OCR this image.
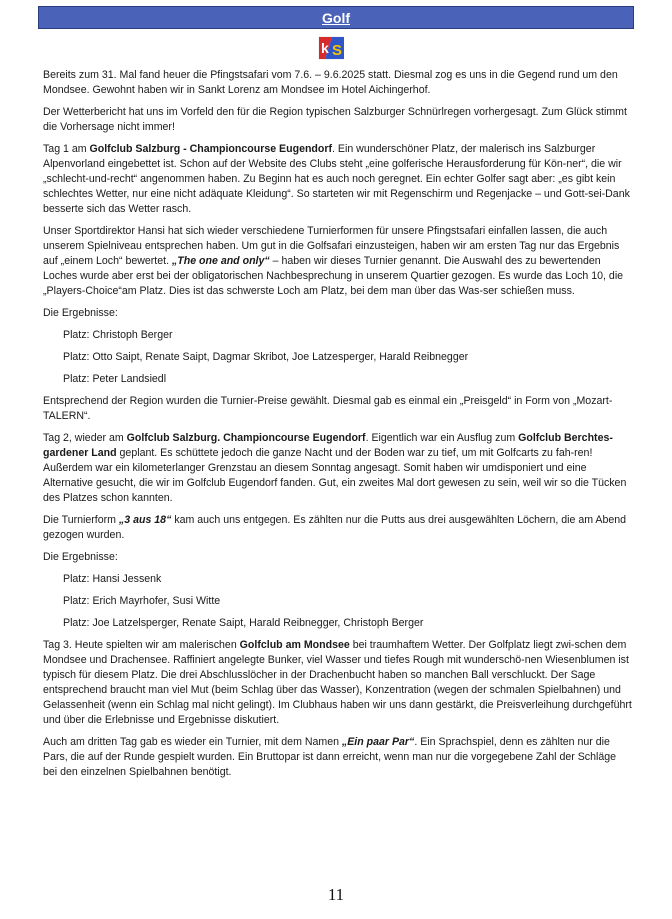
Golf
k S

Bereits zum 31. Mal fand heuer die Pfingstsafari vom 7.6. – 9.6.2025 statt. Diesmal zog es uns in die Gegend rund um den Mondsee. Gewohnt haben wir in Sankt Lorenz am Mondsee im Hotel Aichingerhof.

Der Wetterbericht hat uns im Vorfeld den für die Region typischen Salzburger Schnürlregen vorhergesagt. Zum Glück stimmt die Vorhersage nicht immer!

Tag 1 am Golfclub Salzburg - Championcourse Eugendorf. Ein wunderschöner Platz, der malerisch ins Salzburger Alpenvorland eingebettet ist. Schon auf der Website des Clubs steht „eine golferische Herausforderung für Kön-ner“, die wir „schlecht-und-recht“ angenommen haben. Zu Beginn hat es auch noch geregnet. Ein echter Golfer sagt aber: „es gibt kein schlechtes Wetter, nur eine nicht adäquate Kleidung“. So starteten wir mit Regenschirm und Regenjacke – und Gott-sei-Dank besserte sich das Wetter rasch.

Unser Sportdirektor Hansi hat sich wieder verschiedene Turnierformen für unsere Pfingstsafari einfallen lassen, die auch unserem Spielniveau entsprechen haben. Um gut in die Golfsafari einzusteigen, haben wir am ersten Tag nur das Ergebnis auf „einem Loch“ bewertet. „The one and only“ – haben wir dieses Turnier genannt. Die Auswahl des zu bewertenden Loches wurde aber erst bei der obligatorischen Nachbesprechung in unserem Quartier gezogen. Es wurde das Loch 10, die „Players-Choice“am Platz. Dies ist das schwerste Loch am Platz, bei dem man über das Was-ser schießen muss.

Die Ergebnisse:

Platz: Christoph Berger

Platz: Otto Saipt, Renate Saipt, Dagmar Skribot, Joe Latzesperger, Harald Reibnegger

Platz: Peter Landsiedl

Entsprechend der Region wurden die Turnier-Preise gewählt. Diesmal gab es einmal ein „Preisgeld“ in Form von „Mozart-TALERN“.

Tag 2, wieder am Golfclub Salzburg. Championcourse Eugendorf. Eigentlich war ein Ausflug zum Golfclub Berchtes-gardener Land geplant. Es schüttete jedoch die ganze Nacht und der Boden war zu tief, um mit Golfcarts zu fah-ren! Außerdem war ein kilometerlanger Grenzstau an diesem Sonntag angesagt. Somit haben wir umdisponiert und eine Alternative gesucht, die wir im Golfclub Eugendorf fanden. Gut, ein zweites Mal dort gewesen zu sein, weil wir so die Tücken des Platzes schon kannten.

Die Turnierform „3 aus 18“ kam auch uns entgegen. Es zählten nur die Putts aus drei ausgewählten Löchern, die am Abend gezogen wurden.

Die Ergebnisse:

Platz: Hansi Jessenk

Platz: Erich Mayrhofer, Susi Witte

Platz: Joe Latzelsperger, Renate Saipt, Harald Reibnegger, Christoph Berger

Tag 3. Heute spielten wir am malerischen Golfclub am Mondsee bei traumhaftem Wetter. Der Golfplatz liegt zwi-schen dem Mondsee und Drachensee. Raffiniert angelegte Bunker, viel Wasser und tiefes Rough mit wunderschö-nen Wiesenblumen ist typisch für diesem Platz. Die drei Abschlusslöcher in der Drachenbucht haben so manchen Ball verschluckt. Der Sage entsprechend braucht man viel Mut (beim Schlag über das Wasser), Konzentration (wegen der schmalen Spielbahnen) und Gelassenheit (wenn ein Schlag mal nicht gelingt). Im Clubhaus haben wir uns dann gestärkt, die Preisverleihung durchgeführt und über die Erlebnisse und Ergebnisse diskutiert.

Auch am dritten Tag gab es wieder ein Turnier, mit dem Namen „Ein paar Par“. Ein Sprachspiel, denn es zählten nur die Pars, die auf der Runde gespielt wurden. Ein Bruttopar ist dann erreicht, wenn man nur die vorgegebene Zahl der Schläge bei den einzelnen Spielbahnen benötigt.

11
